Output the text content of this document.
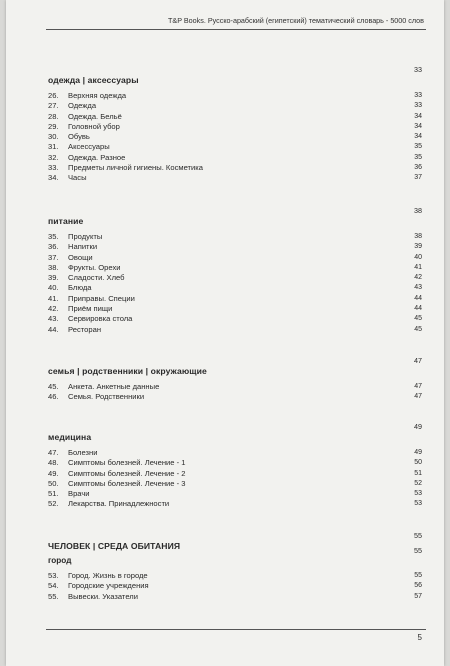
T&P Books. Русско-арабский (египетский) тематический словарь - 5000 слов
одежда | аксессуары
33
26. Верхняя одежда	33
27. Одежда	33
28. Одежда. Бельё	34
29. Головной убор	34
30. Обувь	34
31. Аксессуары	35
32. Одежда. Разное	35
33. Предметы личной гигиены. Косметика	36
34. Часы	37
питание
38
35. Продукты	38
36. Напитки	39
37. Овощи	40
38. Фрукты. Орехи	41
39. Сладости. Хлеб	42
40. Блюда	43
41. Приправы. Специи	44
42. Приём пищи	44
43. Сервировка стола	45
44. Ресторан	45
семья | родственники | окружающие
47
45. Анкета. Анкетные данные	47
46. Семья. Родственники	47
медицина
49
47. Болезни	49
48. Симптомы болезней. Лечение - 1	50
49. Симптомы болезней. Лечение - 2	51
50. Симптомы болезней. Лечение - 3	52
51. Врачи	53
52. Лекарства. Принадлежности	53
ЧЕЛОВЕК | СРЕДА ОБИТАНИЯ
55
город
55
53. Город. Жизнь в городе	55
54. Городские учреждения	56
55. Вывески. Указатели	57
5
